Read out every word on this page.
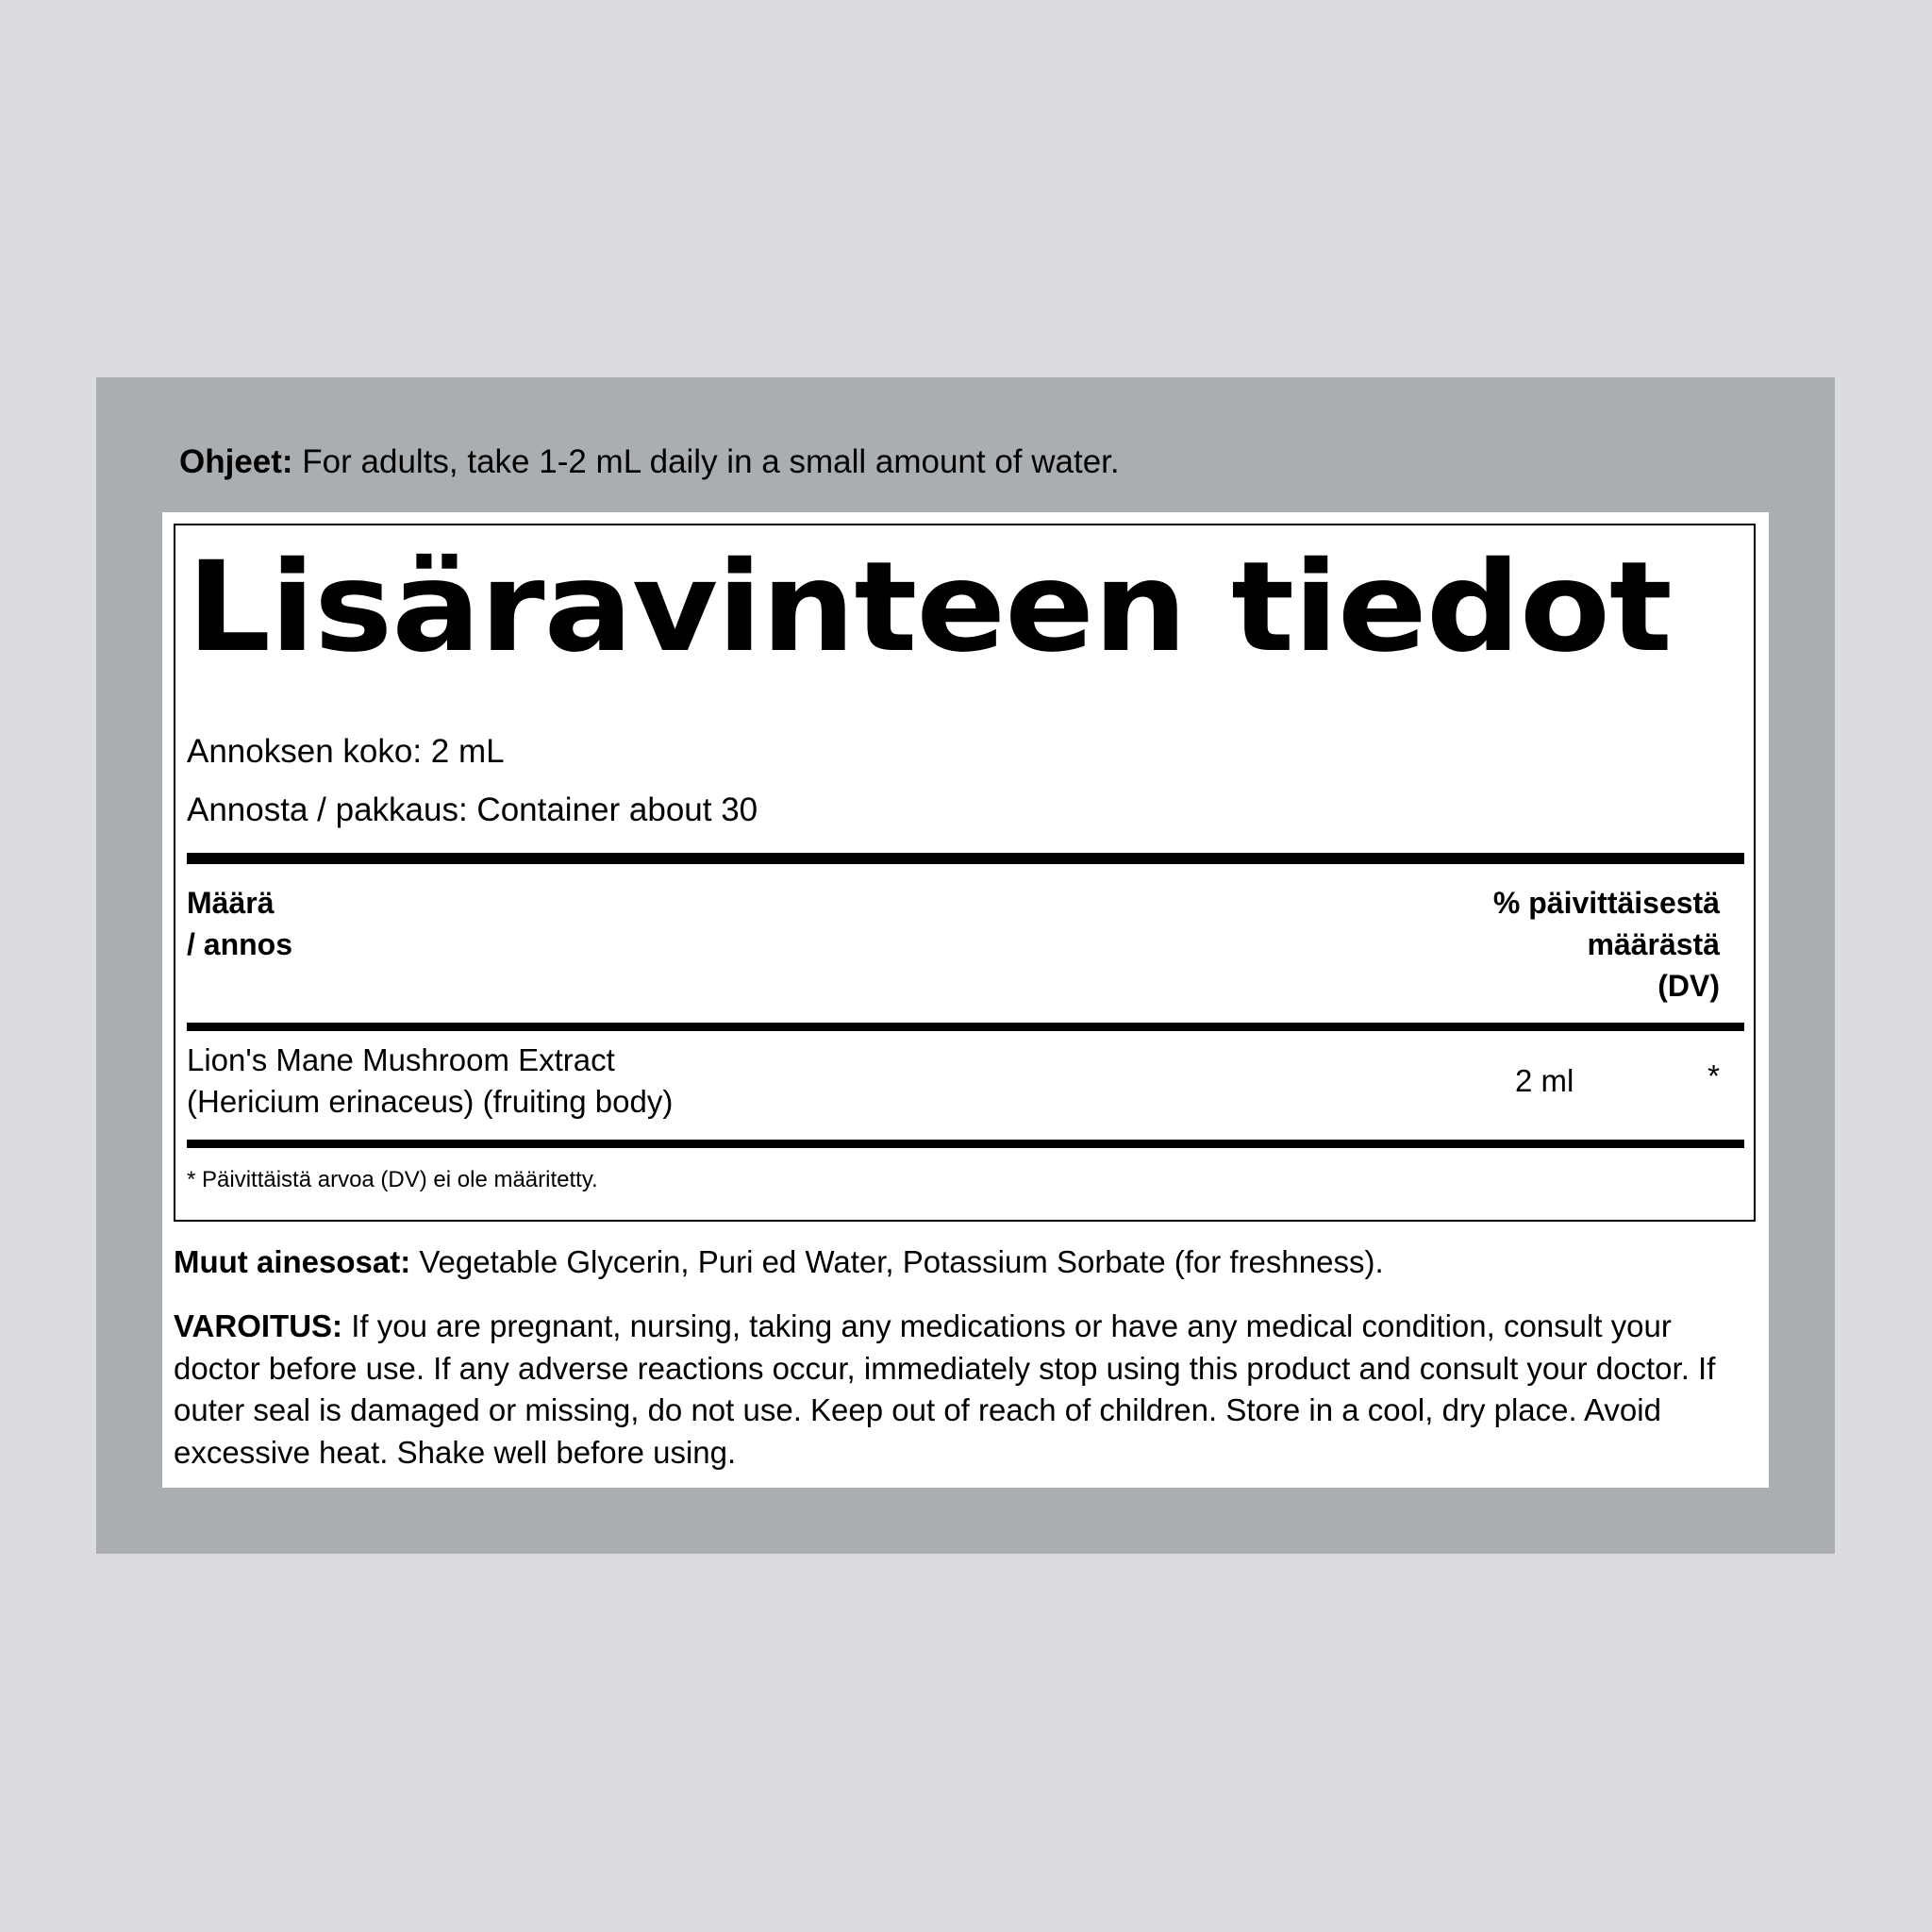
Ohjeet: For adults, take 1-2 mL daily in a small amount of water.
Lisäravinteen tiedot
Annoksen koko: 2 mL
Annosta / pakkaus: Container about 30
Määrä
/ annos
% päivittäisestä
määrästä
(DV)
Lion's Mane Mushroom Extract
(Hericium erinaceus) (fruiting body)
2 ml	*
* Päivittäistä arvoa (DV) ei ole määritetty.
Muut ainesosat: Vegetable Glycerin, Puri ed Water, Potassium Sorbate (for freshness).
VAROITUS: If you are pregnant, nursing, taking any medications or have any medical condition, consult your doctor before use. If any adverse reactions occur, immediately stop using this product and consult your doctor. If outer seal is damaged or missing, do not use. Keep out of reach of children. Store in a cool, dry place. Avoid excessive heat. Shake well before using.
